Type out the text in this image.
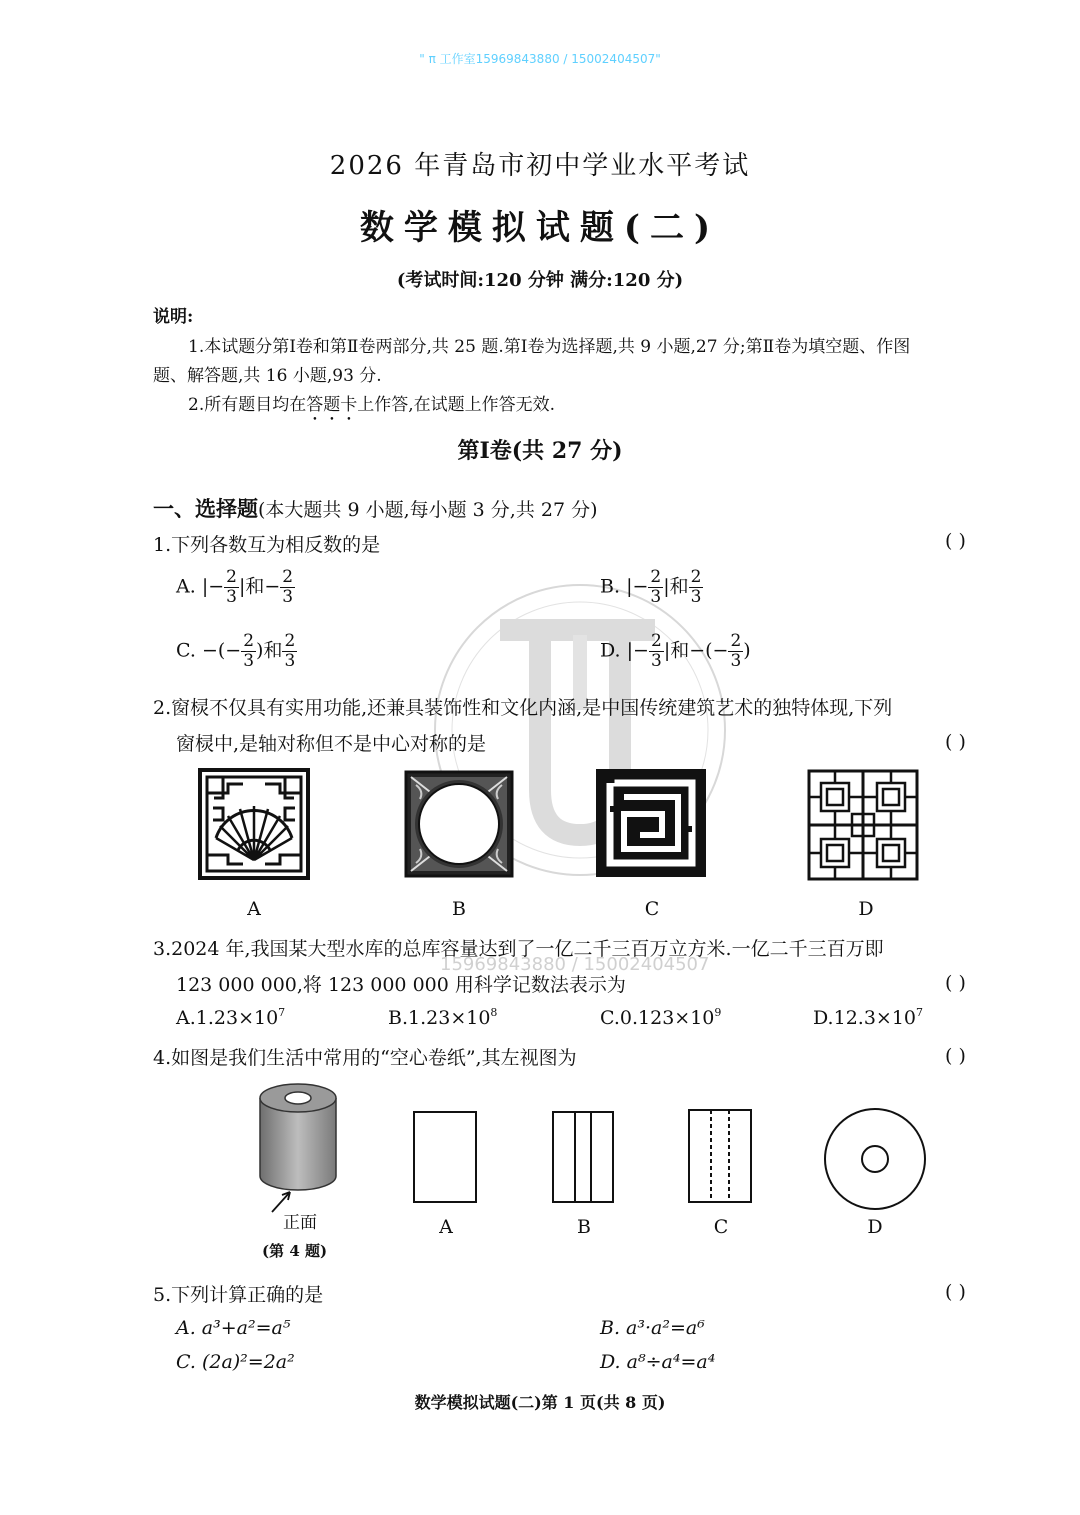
" π 工作室15969843880 / 15002404507"
15969843880 / 15002404507
2026 年青岛市初中学业水平考试
数学模拟试题(二)
(考试时间:120 分钟 满分:120 分)
说明:
1.本试题分第Ⅰ卷和第Ⅱ卷两部分,共 25 题.第Ⅰ卷为选择题,共 9 小题,27 分;第Ⅱ卷为填空题、作图
题、解答题,共 16 小题,93 分.
2.所有题目均在答题卡上作答,在试题上作答无效.
第Ⅰ卷(共 27 分)
一、选择题(本大题共 9 小题,每小题 3 分,共 27 分)
1.下列各数互为相反数的是	( )
A. |− $\frac{2}{3}$ |和− $\frac{2}{3}$	B. |− $\frac{2}{3}$ |和 $\frac{2}{3}$
C. −(− $\frac{2}{3}$ )和 $\frac{2}{3}$	D. |− $\frac{2}{3}$ |和−(− $\frac{2}{3}$ )
2.窗棂不仅具有实用功能,还兼具装饰性和文化内涵,是中国传统建筑艺术的独特体现,下列
窗棂中,是轴对称但不是中心对称的是	( )
A	B	C	D
3.2024 年,我国某大型水库的总库容量达到了一亿二千三百万立方米.一亿二千三百万即
123 000 000,将 123 000 000 用科学记数法表示为	( )
$A.1.23\times 10^7$	$B.1.23\times 10^8$	$C.0.123\times 10^9$	$D.12.3\times 10^7$
4.如图是我们生活中常用的“空心卷纸”,其左视图为	( )
正面
(第 4 题)
A	B	C	D
5.下列计算正确的是	( )
A. a³+a²=a⁵	B. a³·a²=a⁶
C. (2a)²=2a²	D. a⁸÷a⁴=a⁴
数学模拟试题(二)第 1 页(共 8 页)
